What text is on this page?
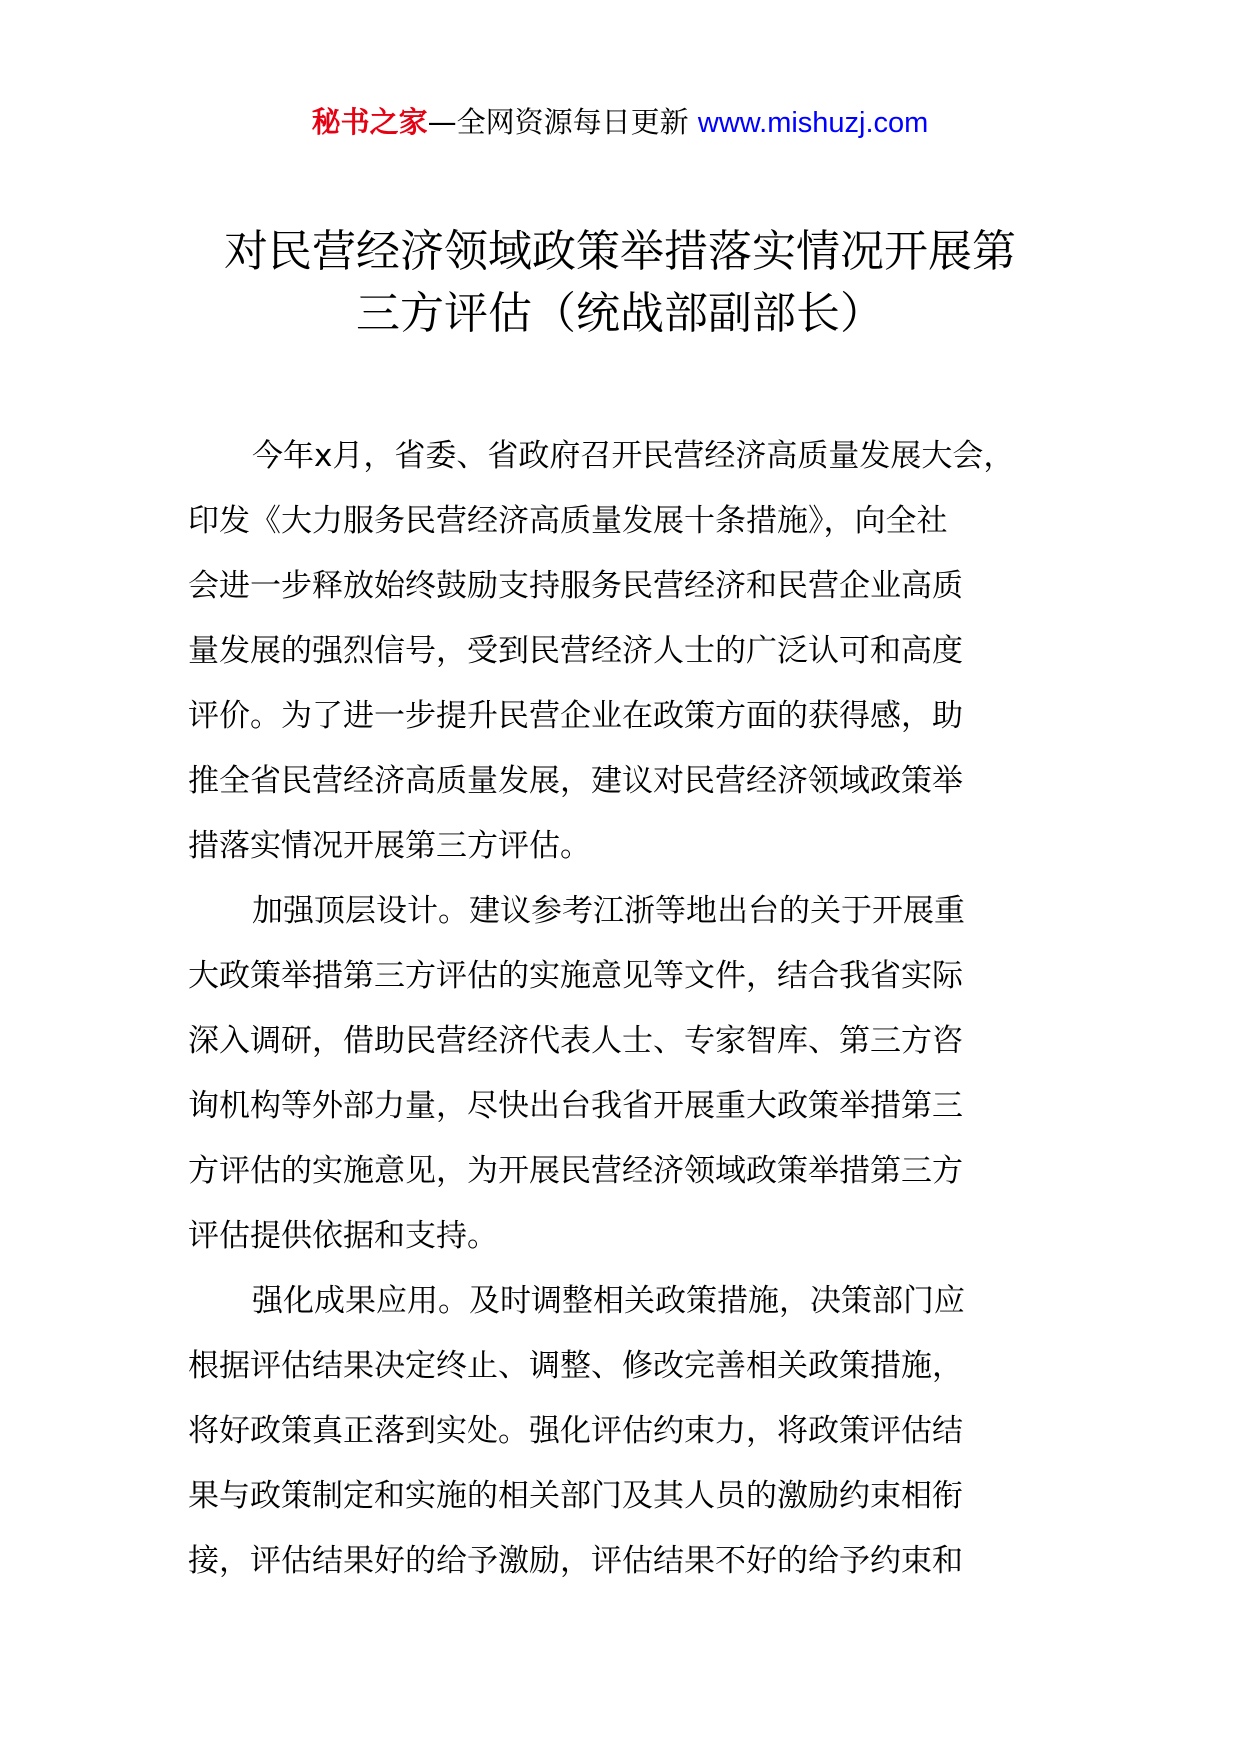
秘书之家—全网资源每日更新 www.mishuzj.com
对民营经济领域政策举措落实情况开展第
三方评估（统战部副部长）

今年x月，省委、省政府召开民营经济高质量发展大会，
印发《大力服务民营经济高质量发展十条措施》，向全社
会进一步释放始终鼓励支持服务民营经济和民营企业高质
量发展的强烈信号，受到民营经济人士的广泛认可和高度
评价。为了进一步提升民营企业在政策方面的获得感，助
推全省民营经济高质量发展，建议对民营经济领域政策举
措落实情况开展第三方评估。

加强顶层设计。建议参考江浙等地出台的关于开展重
大政策举措第三方评估的实施意见等文件，结合我省实际
深入调研，借助民营经济代表人士、专家智库、第三方咨
询机构等外部力量，尽快出台我省开展重大政策举措第三
方评估的实施意见，为开展民营经济领域政策举措第三方
评估提供依据和支持。

强化成果应用。及时调整相关政策措施，决策部门应
根据评估结果决定终止、调整、修改完善相关政策措施，
将好政策真正落到实处。强化评估约束力，将政策评估结
果与政策制定和实施的相关部门及其人员的激励约束相衔
接，评估结果好的给予激励，评估结果不好的给予约束和
